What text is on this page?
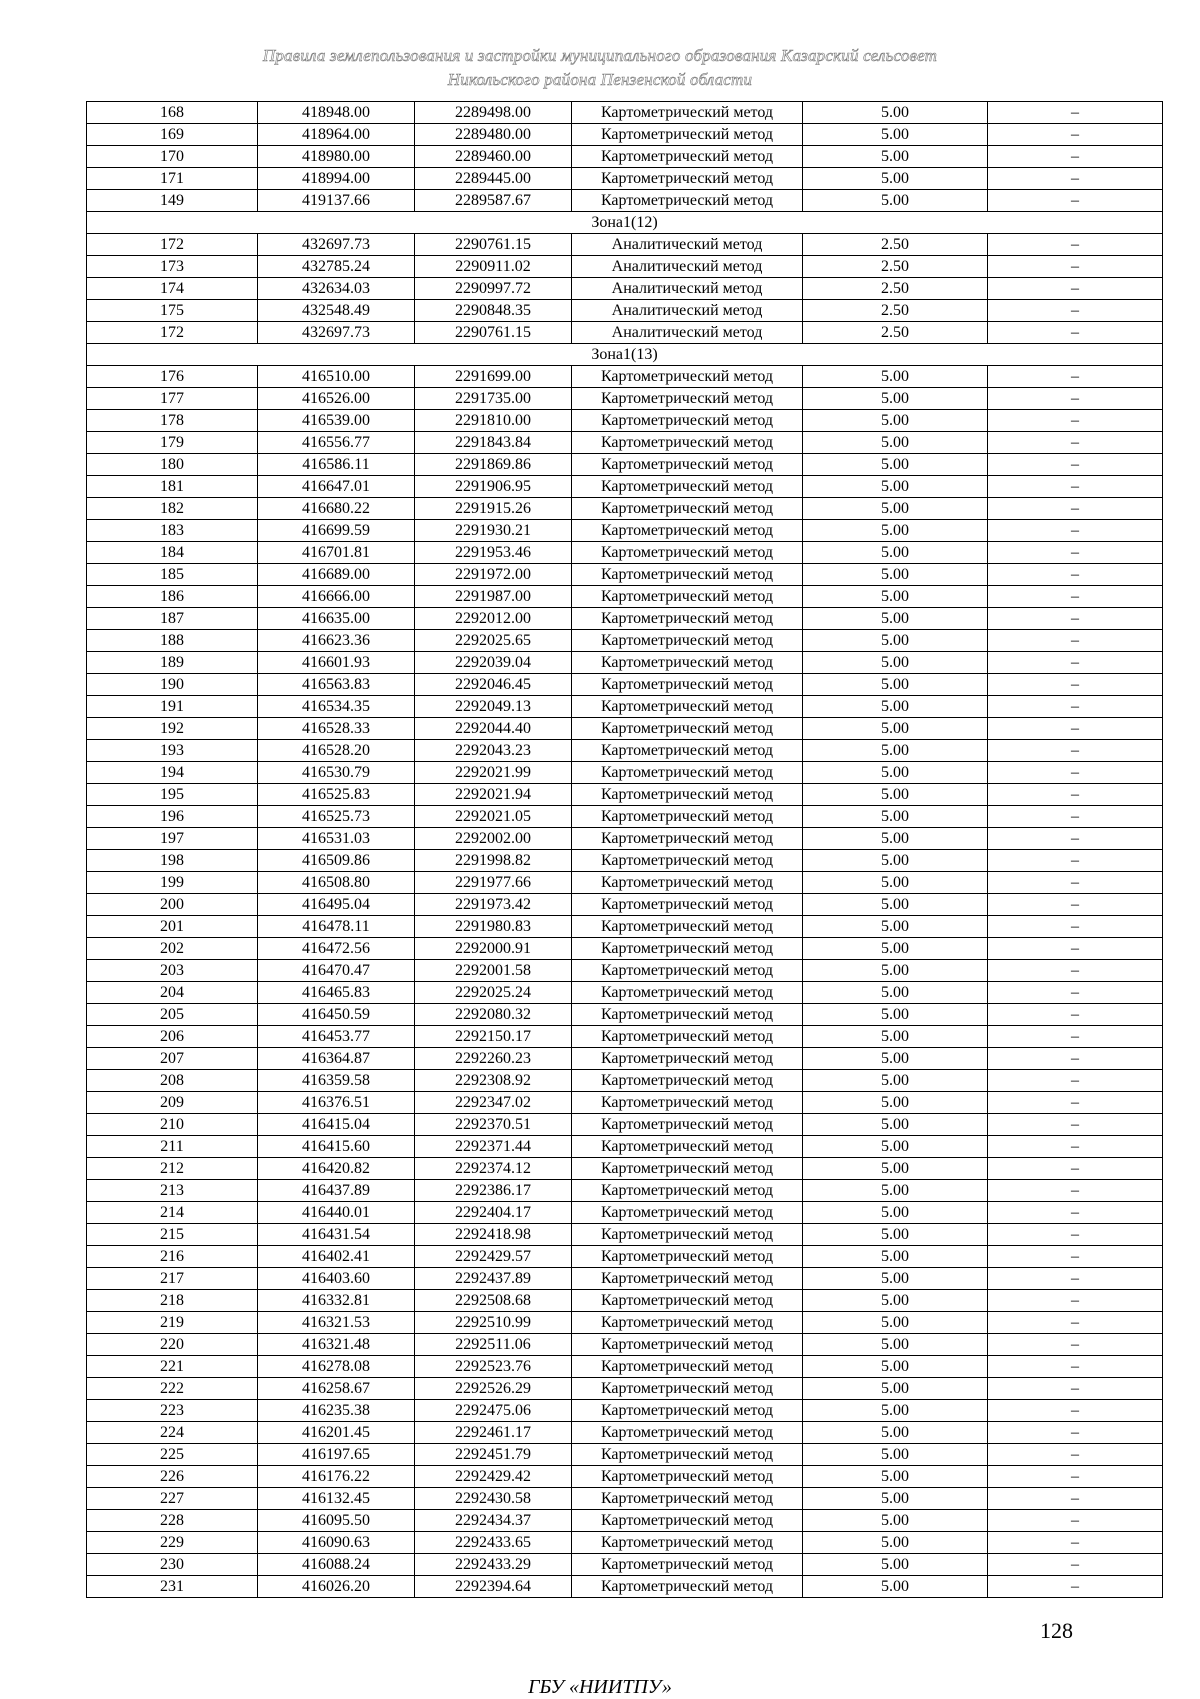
Правила землепользования и застройки муниципального образования Казарский сельсовет
Никольского района Пензенской области
168	418948.00	2289498.00	Картометрический метод	5.00	–
169	418964.00	2289480.00	Картометрический метод	5.00	–
170	418980.00	2289460.00	Картометрический метод	5.00	–
171	418994.00	2289445.00	Картометрический метод	5.00	–
149	419137.66	2289587.67	Картометрический метод	5.00	–
Зона1(12)					
172	432697.73	2290761.15	Аналитический метод	2.50	–
173	432785.24	2290911.02	Аналитический метод	2.50	–
174	432634.03	2290997.72	Аналитический метод	2.50	–
175	432548.49	2290848.35	Аналитический метод	2.50	–
172	432697.73	2290761.15	Аналитический метод	2.50	–
Зона1(13)					
176	416510.00	2291699.00	Картометрический метод	5.00	–
177	416526.00	2291735.00	Картометрический метод	5.00	–
178	416539.00	2291810.00	Картометрический метод	5.00	–
179	416556.77	2291843.84	Картометрический метод	5.00	–
180	416586.11	2291869.86	Картометрический метод	5.00	–
181	416647.01	2291906.95	Картометрический метод	5.00	–
182	416680.22	2291915.26	Картометрический метод	5.00	–
183	416699.59	2291930.21	Картометрический метод	5.00	–
184	416701.81	2291953.46	Картометрический метод	5.00	–
185	416689.00	2291972.00	Картометрический метод	5.00	–
186	416666.00	2291987.00	Картометрический метод	5.00	–
187	416635.00	2292012.00	Картометрический метод	5.00	–
188	416623.36	2292025.65	Картометрический метод	5.00	–
189	416601.93	2292039.04	Картометрический метод	5.00	–
190	416563.83	2292046.45	Картометрический метод	5.00	–
191	416534.35	2292049.13	Картометрический метод	5.00	–
192	416528.33	2292044.40	Картометрический метод	5.00	–
193	416528.20	2292043.23	Картометрический метод	5.00	–
194	416530.79	2292021.99	Картометрический метод	5.00	–
195	416525.83	2292021.94	Картометрический метод	5.00	–
196	416525.73	2292021.05	Картометрический метод	5.00	–
197	416531.03	2292002.00	Картометрический метод	5.00	–
198	416509.86	2291998.82	Картометрический метод	5.00	–
199	416508.80	2291977.66	Картометрический метод	5.00	–
200	416495.04	2291973.42	Картометрический метод	5.00	–
201	416478.11	2291980.83	Картометрический метод	5.00	–
202	416472.56	2292000.91	Картометрический метод	5.00	–
203	416470.47	2292001.58	Картометрический метод	5.00	–
204	416465.83	2292025.24	Картометрический метод	5.00	–
205	416450.59	2292080.32	Картометрический метод	5.00	–
206	416453.77	2292150.17	Картометрический метод	5.00	–
207	416364.87	2292260.23	Картометрический метод	5.00	–
208	416359.58	2292308.92	Картометрический метод	5.00	–
209	416376.51	2292347.02	Картометрический метод	5.00	–
210	416415.04	2292370.51	Картометрический метод	5.00	–
211	416415.60	2292371.44	Картометрический метод	5.00	–
212	416420.82	2292374.12	Картометрический метод	5.00	–
213	416437.89	2292386.17	Картометрический метод	5.00	–
214	416440.01	2292404.17	Картометрический метод	5.00	–
215	416431.54	2292418.98	Картометрический метод	5.00	–
216	416402.41	2292429.57	Картометрический метод	5.00	–
217	416403.60	2292437.89	Картометрический метод	5.00	–
218	416332.81	2292508.68	Картометрический метод	5.00	–
219	416321.53	2292510.99	Картометрический метод	5.00	–
220	416321.48	2292511.06	Картометрический метод	5.00	–
221	416278.08	2292523.76	Картометрический метод	5.00	–
222	416258.67	2292526.29	Картометрический метод	5.00	–
223	416235.38	2292475.06	Картометрический метод	5.00	–
224	416201.45	2292461.17	Картометрический метод	5.00	–
225	416197.65	2292451.79	Картометрический метод	5.00	–
226	416176.22	2292429.42	Картометрический метод	5.00	–
227	416132.45	2292430.58	Картометрический метод	5.00	–
228	416095.50	2292434.37	Картометрический метод	5.00	–
229	416090.63	2292433.65	Картометрический метод	5.00	–
230	416088.24	2292433.29	Картометрический метод	5.00	–
231	416026.20	2292394.64	Картометрический метод	5.00	–
128
ГБУ «НИИТПУ»
